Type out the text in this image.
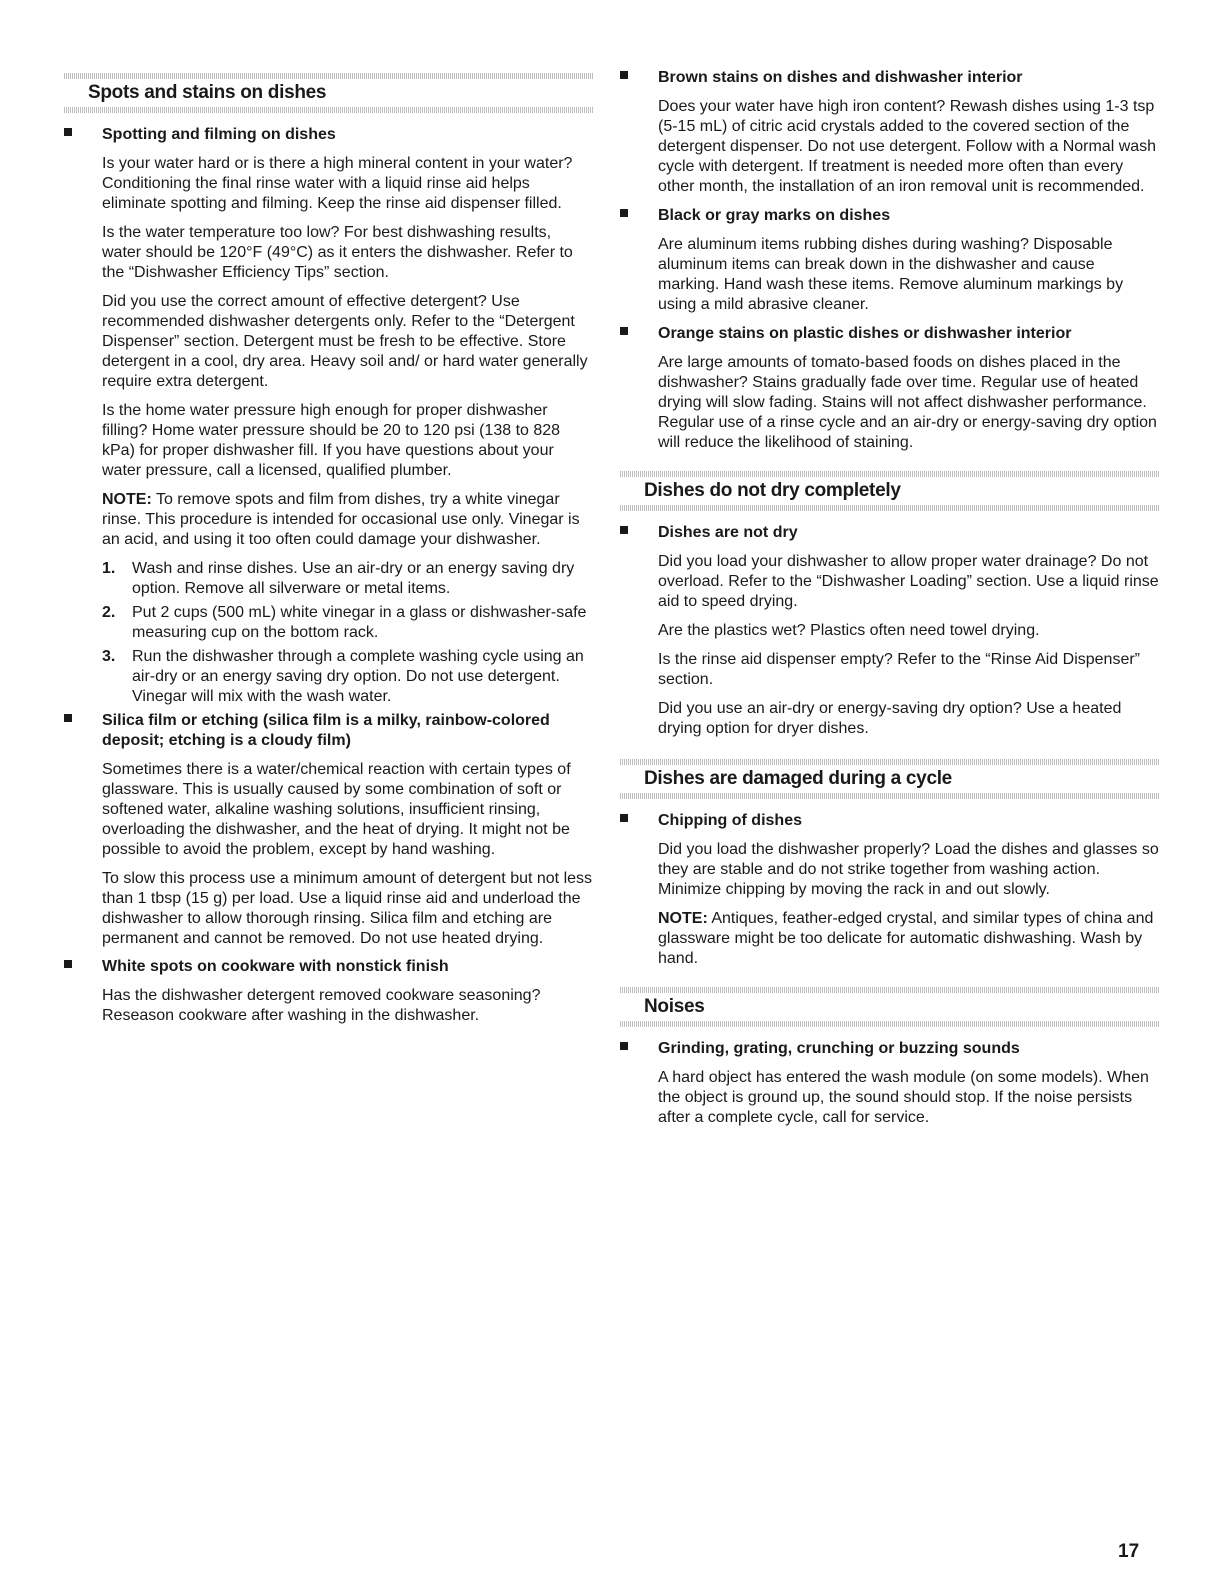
Spots and stains on dishes
Spotting and filming on dishes

Is your water hard or is there a high mineral content in your water? Conditioning the final rinse water with a liquid rinse aid helps eliminate spotting and filming. Keep the rinse aid dispenser filled.

Is the water temperature too low? For best dishwashing results, water should be 120°F (49°C) as it enters the dishwasher. Refer to the “Dishwasher Efficiency Tips” section.

Did you use the correct amount of effective detergent? Use recommended dishwasher detergents only. Refer to the “Detergent Dispenser” section. Detergent must be fresh to be effective. Store detergent in a cool, dry area. Heavy soil and/ or hard water generally require extra detergent.

Is the home water pressure high enough for proper dishwasher filling? Home water pressure should be 20 to 120 psi (138 to 828 kPa) for proper dishwasher fill. If you have questions about your water pressure, call a licensed, qualified plumber.

NOTE: To remove spots and film from dishes, try a white vinegar rinse. This procedure is intended for occasional use only. Vinegar is an acid, and using it too often could damage your dishwasher.

1. Wash and rinse dishes. Use an air-dry or an energy saving dry option. Remove all silverware or metal items.
2. Put 2 cups (500 mL) white vinegar in a glass or dishwasher-safe measuring cup on the bottom rack.
3. Run the dishwasher through a complete washing cycle using an air-dry or an energy saving dry option. Do not use detergent. Vinegar will mix with the wash water.
Silica film or etching (silica film is a milky, rainbow-colored deposit; etching is a cloudy film)

Sometimes there is a water/chemical reaction with certain types of glassware. This is usually caused by some combination of soft or softened water, alkaline washing solutions, insufficient rinsing, overloading the dishwasher, and the heat of drying. It might not be possible to avoid the problem, except by hand washing.

To slow this process use a minimum amount of detergent but not less than 1 tbsp (15 g) per load. Use a liquid rinse aid and underload the dishwasher to allow thorough rinsing. Silica film and etching are permanent and cannot be removed. Do not use heated drying.

White spots on cookware with nonstick finish

Has the dishwasher detergent removed cookware seasoning? Reseason cookware after washing in the dishwasher.

Brown stains on dishes and dishwasher interior

Does your water have high iron content? Rewash dishes using 1-3 tsp (5-15 mL) of citric acid crystals added to the covered section of the detergent dispenser. Do not use detergent. Follow with a Normal wash cycle with detergent. If treatment is needed more often than every other month, the installation of an iron removal unit is recommended.

Black or gray marks on dishes

Are aluminum items rubbing dishes during washing? Disposable aluminum items can break down in the dishwasher and cause marking. Hand wash these items. Remove aluminum markings by using a mild abrasive cleaner.

Orange stains on plastic dishes or dishwasher interior

Are large amounts of tomato-based foods on dishes placed in the dishwasher? Stains gradually fade over time. Regular use of heated drying will slow fading. Stains will not affect dishwasher performance. Regular use of a rinse cycle and an air-dry or energy-saving dry option will reduce the likelihood of staining.

Dishes do not dry completely
Dishes are not dry

Did you load your dishwasher to allow proper water drainage? Do not overload. Refer to the “Dishwasher Loading” section. Use a liquid rinse aid to speed drying.

Are the plastics wet? Plastics often need towel drying.

Is the rinse aid dispenser empty? Refer to the “Rinse Aid Dispenser” section.

Did you use an air-dry or energy-saving dry option? Use a heated drying option for dryer dishes.

Dishes are damaged during a cycle
Chipping of dishes

Did you load the dishwasher properly? Load the dishes and glasses so they are stable and do not strike together from washing action. Minimize chipping by moving the rack in and out slowly.

NOTE: Antiques, feather-edged crystal, and similar types of china and glassware might be too delicate for automatic dishwashing. Wash by hand.

Noises
Grinding, grating, crunching or buzzing sounds

A hard object has entered the wash module (on some models). When the object is ground up, the sound should stop. If the noise persists after a complete cycle, call for service.

17
